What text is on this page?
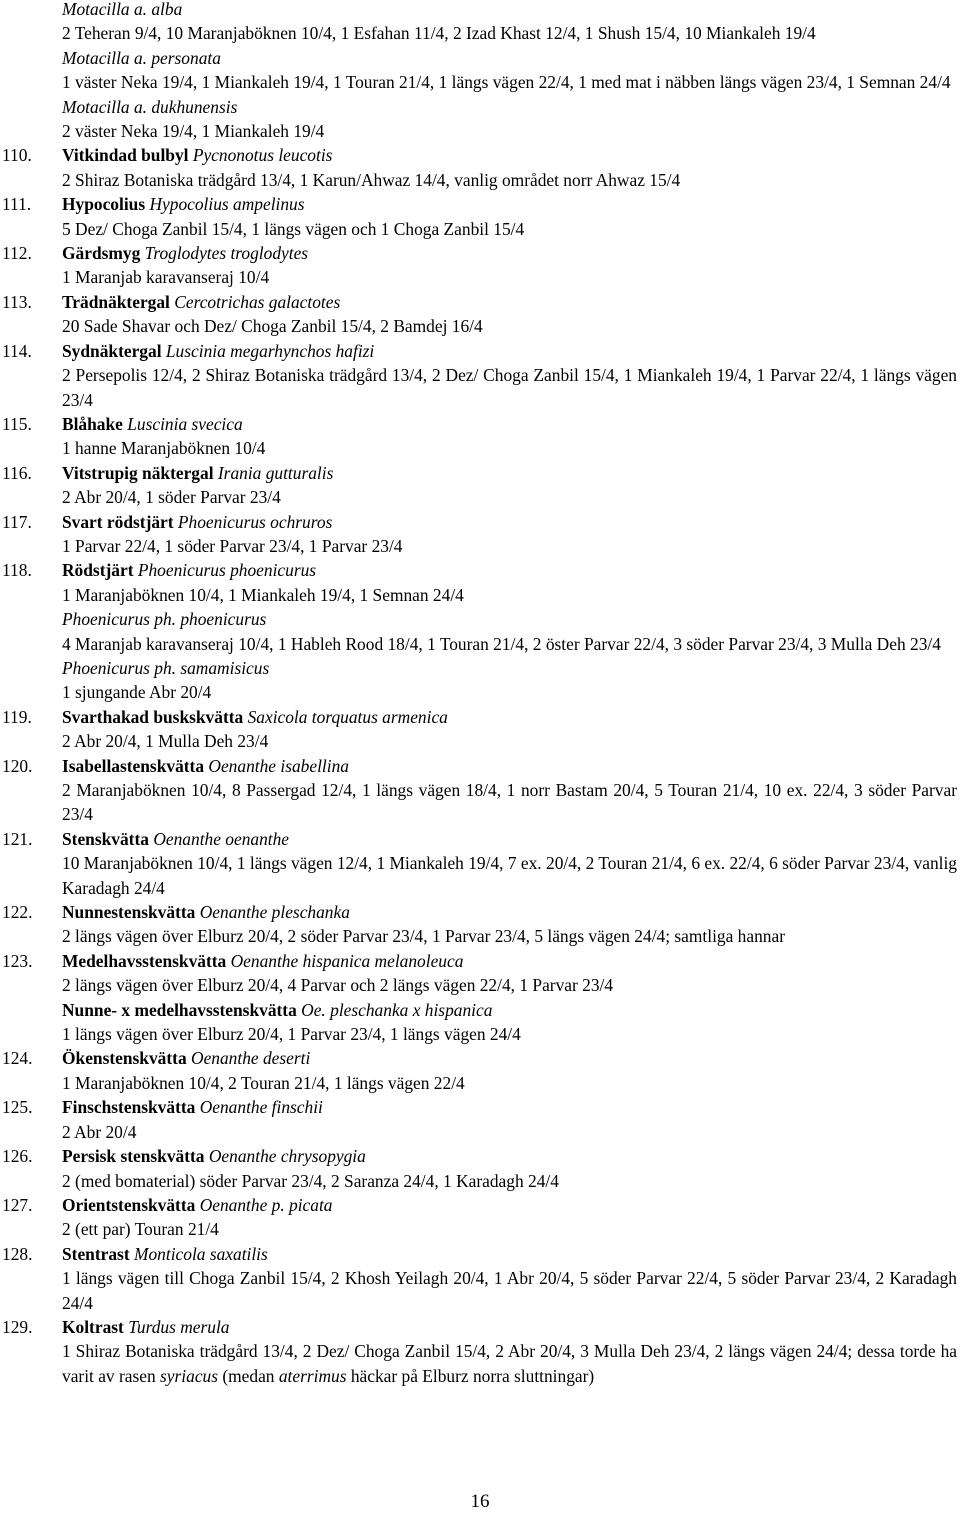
Motacilla a. alba
2 Teheran 9/4, 10 Maranjaböknen 10/4, 1 Esfahan 11/4, 2 Izad Khast 12/4, 1 Shush 15/4, 10 Miankaleh 19/4
Motacilla a. personata
1 väster Neka 19/4, 1 Miankaleh 19/4, 1 Touran 21/4, 1 längs vägen 22/4, 1 med mat i näbben längs vägen 23/4, 1 Semnan 24/4
Motacilla a. dukhunensis
2 väster Neka 19/4, 1 Miankaleh 19/4
110. Vitkindad bulbyl Pycnonotus leucotis
2 Shiraz Botaniska trädgård 13/4, 1 Karun/Ahwaz 14/4, vanlig området norr Ahwaz 15/4
111. Hypocolius Hypocolius ampelinus
5 Dez/ Choga Zanbil 15/4, 1 längs vägen och 1 Choga Zanbil 15/4
112. Gärdsmyg Troglodytes troglodytes
1 Maranjab karavanseraj 10/4
113. Trädnäktergal Cercotrichas galactotes
20 Sade Shavar och Dez/ Choga Zanbil 15/4, 2 Bamdej 16/4
114. Sydnäktergal Luscinia megarhynchos hafizi
2 Persepolis 12/4, 2 Shiraz Botaniska trädgård 13/4, 2 Dez/ Choga Zanbil 15/4, 1 Miankaleh 19/4, 1 Parvar 22/4, 1 längs vägen 23/4
115. Blåhake Luscinia svecica
1 hanne Maranjaböknen 10/4
116. Vitstrupig näktergal Irania gutturalis
2 Abr 20/4, 1 söder Parvar 23/4
117. Svart rödstjärt Phoenicurus ochruros
1 Parvar 22/4, 1 söder Parvar 23/4, 1 Parvar 23/4
118. Rödstjärt Phoenicurus phoenicurus
1 Maranjaböknen 10/4, 1 Miankaleh 19/4, 1 Semnan 24/4
Phoenicurus ph. phoenicurus
4 Maranjab karavanseraj 10/4, 1 Hableh Rood 18/4, 1 Touran 21/4, 2 öster Parvar 22/4, 3 söder Parvar 23/4, 3 Mulla Deh 23/4
Phoenicurus ph. samamisicus
1 sjungande Abr 20/4
119. Svarthakad buskskvätta Saxicola torquatus armenica
2 Abr 20/4, 1 Mulla Deh 23/4
120. Isabellastenskvätta Oenanthe isabellina
2 Maranjaböknen 10/4, 8 Passergad 12/4, 1 längs vägen 18/4, 1 norr Bastam 20/4, 5 Touran 21/4, 10 ex. 22/4, 3 söder Parvar 23/4
121. Stenskvätta Oenanthe oenanthe
10 Maranjaböknen 10/4, 1 längs vägen 12/4, 1 Miankaleh 19/4, 7 ex. 20/4, 2 Touran 21/4, 6 ex. 22/4, 6 söder Parvar 23/4, vanlig Karadagh 24/4
122. Nunnestenskvätta Oenanthe pleschanka
2 längs vägen över Elburz 20/4, 2 söder Parvar 23/4, 1 Parvar 23/4, 5 längs vägen 24/4; samtliga hannar
123. Medelhavsstenskvätta Oenanthe hispanica melanoleuca
2 längs vägen över Elburz 20/4, 4 Parvar och 2 längs vägen 22/4, 1 Parvar 23/4
Nunne- x medelhavsstenskvätta Oe. pleschanka x hispanica
1 längs vägen över Elburz 20/4, 1 Parvar 23/4, 1 längs vägen 24/4
124. Ökenstenskvätta Oenanthe deserti
1 Maranjaböknen 10/4, 2 Touran 21/4, 1 längs vägen 22/4
125. Finschstenskvätta Oenanthe finschii
2 Abr 20/4
126. Persisk stenskvätta Oenanthe chrysopygia
2 (med bomaterial) söder Parvar 23/4, 2 Saranza 24/4, 1 Karadagh 24/4
127. Orientstenskvätta Oenanthe p. picata
2 (ett par) Touran 21/4
128. Stentrast Monticola saxatilis
1 längs vägen till Choga Zanbil 15/4, 2 Khosh Yeilagh 20/4, 1 Abr 20/4, 5 söder Parvar 22/4, 5 söder Parvar 23/4, 2 Karadagh 24/4
129. Koltrast Turdus merula
1 Shiraz Botaniska trädgård 13/4, 2 Dez/ Choga Zanbil 15/4, 2 Abr 20/4, 3 Mulla Deh 23/4, 2 längs vägen 24/4; dessa torde ha varit av rasen syriacus (medan aterrimus häckar på Elburz norra sluttningar)
16
